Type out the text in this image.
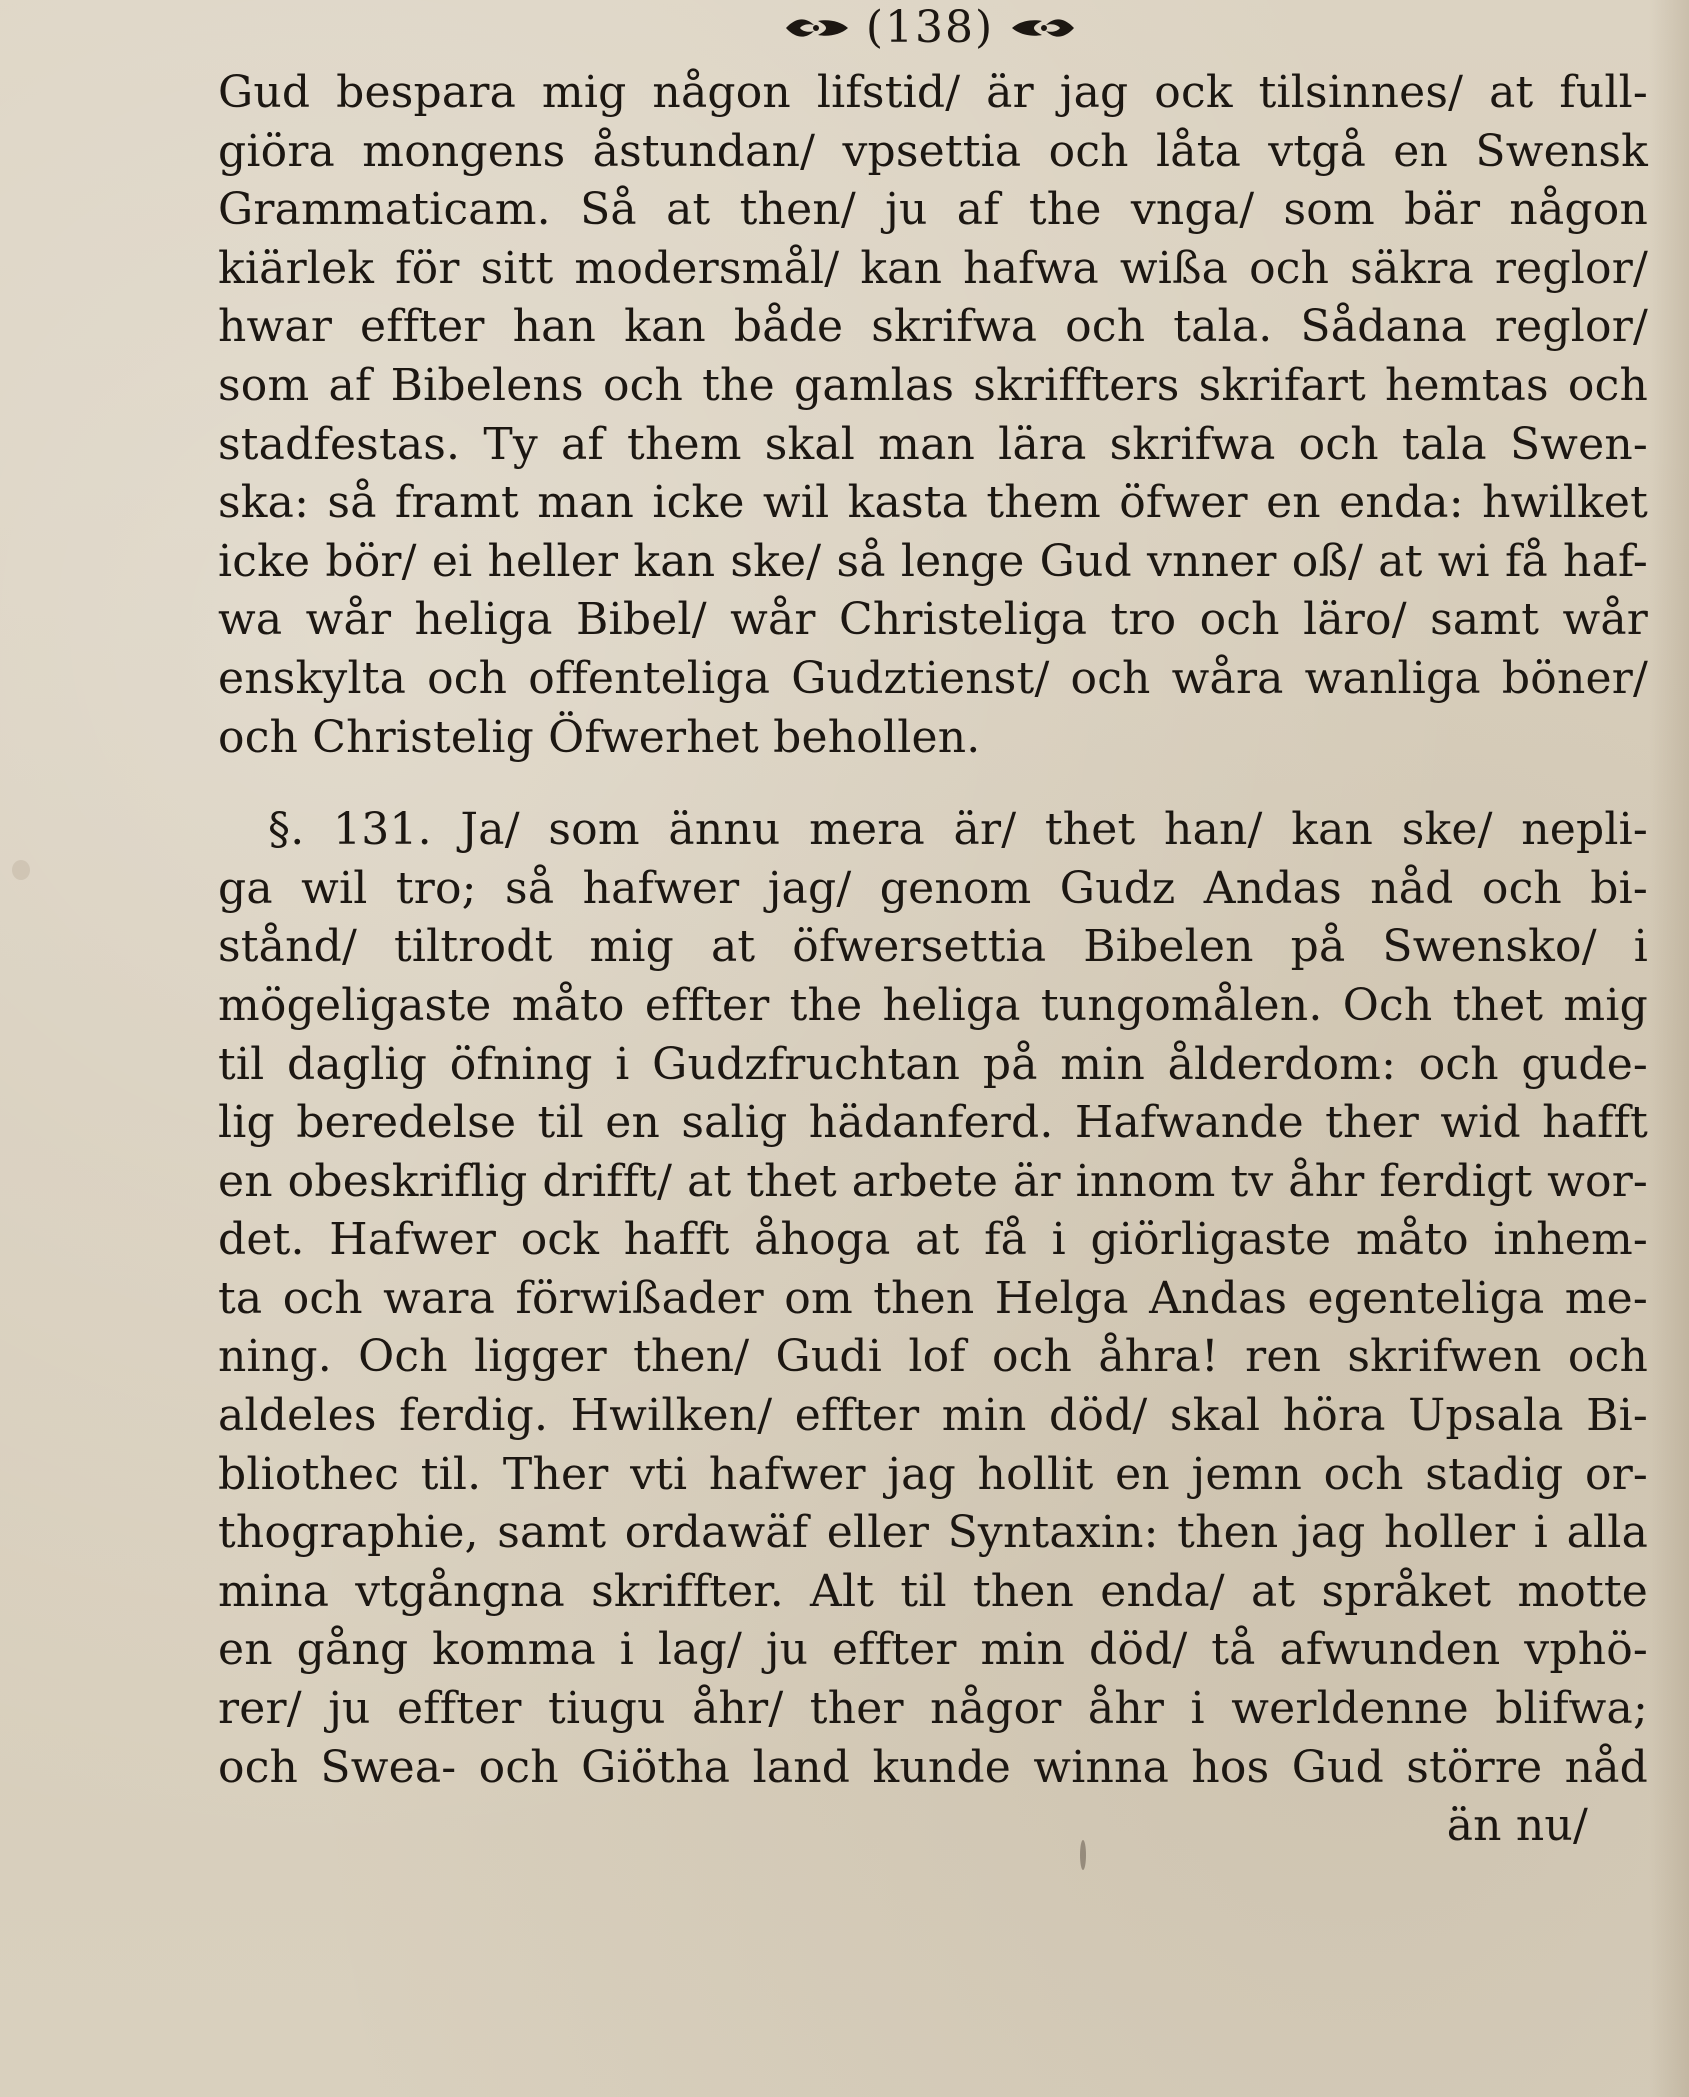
(138)
Gud bespara mig någon lifstid/ är jag ock tilsinnes/ at full-
giöra mongens åstundan/ vpsettia och låta vtgå en Swensk
Grammaticam. Så at then/ ju af the vnga/ som bär någon
kiärlek för sitt modersmål/ kan hafwa wißa och säkra reglor/
hwar effter han kan både skrifwa och tala. Sådana reglor/
som af Bibelens och the gamlas skriffters skrifart hemtas och
stadfestas. Ty af them skal man lära skrifwa och tala Swen-
ska: så framt man icke wil kasta them öfwer en enda: hwilket
icke bör/ ei heller kan ske/ så lenge Gud vnner oß/ at wi få haf-
wa wår heliga Bibel/ wår Christeliga tro och läro/ samt wår
enskylta och offenteliga Gudztienst/ och wåra wanliga böner/
och Christelig Öfwerhet behollen.
§. 131. Ja/ som ännu mera är/ thet han/ kan ske/ nepli-
ga wil tro; så hafwer jag/ genom Gudz Andas nåd och bi-
stånd/ tiltrodt mig at öfwersettia Bibelen på Swensko/ i
mögeligaste måto effter the heliga tungomålen. Och thet mig
til daglig öfning i Gudzfruchtan på min ålderdom: och gude-
lig beredelse til en salig hädanferd. Hafwande ther wid hafft
en obeskriflig drifft/ at thet arbete är innom tv åhr ferdigt wor-
det. Hafwer ock hafft åhoga at få i giörligaste måto inhem-
ta och wara förwißader om then Helga Andas egenteliga me-
ning. Och ligger then/ Gudi lof och åhra! ren skrifwen och
aldeles ferdig. Hwilken/ effter min död/ skal höra Upsala Bi-
bliothec til. Ther vti hafwer jag hollit en jemn och stadig or-
thographie, samt ordawäf eller Syntaxin: then jag holler i alla
mina vtgångna skriffter. Alt til then enda/ at språket motte
en gång komma i lag/ ju effter min död/ tå afwunden vphö-
rer/ ju effter tiugu åhr/ ther någor åhr i werldenne blifwa;
och Swea- och Giötha land kunde winna hos Gud större nåd
än nu/
